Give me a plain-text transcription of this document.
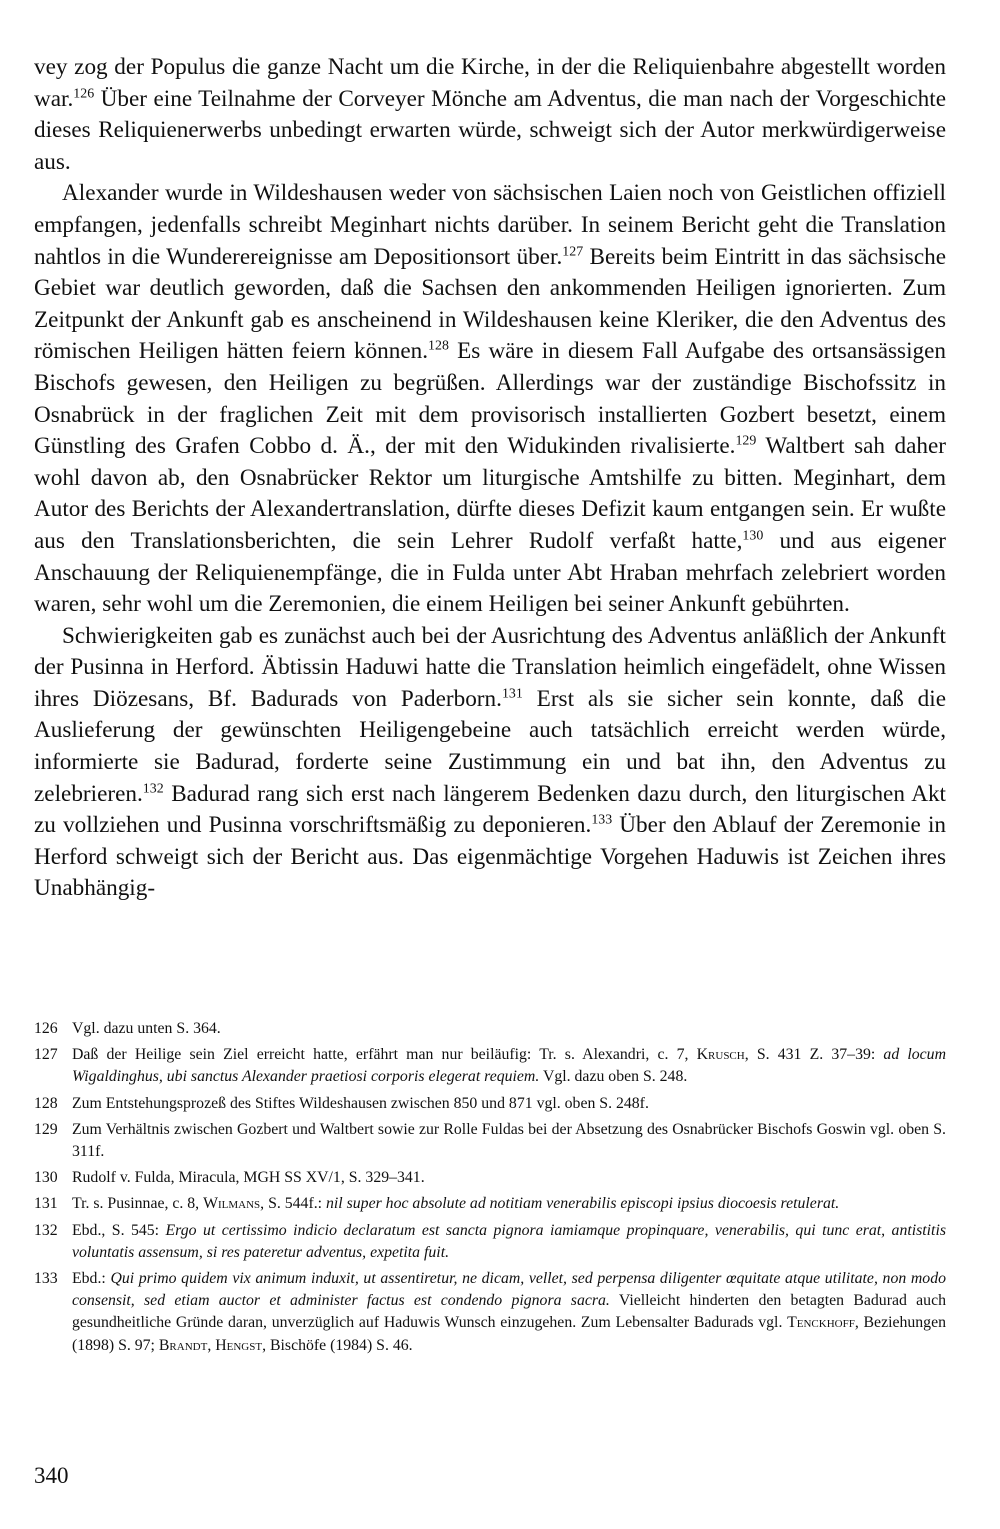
vey zog der Populus die ganze Nacht um die Kirche, in der die Reliquienbahre abgestellt worden war.$^{126}$ Über eine Teilnahme der Corveyer Mönche am Adventus, die man nach der Vorgeschichte dieses Reliquienerwerbs unbedingt erwarten würde, schweigt sich der Autor merkwürdigerweise aus.

Alexander wurde in Wildeshausen weder von sächsischen Laien noch von Geistlichen offiziell empfangen, jedenfalls schreibt Meginhart nichts darüber. In seinem Bericht geht die Translation nahtlos in die Wunderereignisse am Depositionsort über.$^{127}$ Bereits beim Eintritt in das sächsische Gebiet war deutlich geworden, daß die Sachsen den ankommenden Heiligen ignorierten. Zum Zeitpunkt der Ankunft gab es anscheinend in Wildeshausen keine Kleriker, die den Adventus des römischen Heiligen hätten feiern können.$^{128}$ Es wäre in diesem Fall Aufgabe des ortsansässigen Bischofs gewesen, den Heiligen zu begrüßen. Allerdings war der zuständige Bischofssitz in Osnabrück in der fraglichen Zeit mit dem provisorisch installierten Gozbert besetzt, einem Günstling des Grafen Cobbo d. Ä., der mit den Widukinden rivalisierte.$^{129}$ Waltbert sah daher wohl davon ab, den Osnabrücker Rektor um liturgische Amtshilfe zu bitten. Meginhart, dem Autor des Berichts der Alexandertranslation, dürfte dieses Defizit kaum entgangen sein. Er wußte aus den Translationsberichten, die sein Lehrer Rudolf verfaßt hatte,$^{130}$ und aus eigener Anschauung der Reliquienempfänge, die in Fulda unter Abt Hraban mehrfach zelebriert worden waren, sehr wohl um die Zeremonien, die einem Heiligen bei seiner Ankunft gebührten.

Schwierigkeiten gab es zunächst auch bei der Ausrichtung des Adventus anläßlich der Ankunft der Pusinna in Herford. Äbtissin Haduwi hatte die Translation heimlich eingefädelt, ohne Wissen ihres Diözesans, Bf. Badurads von Paderborn.$^{131}$ Erst als sie sicher sein konnte, daß die Auslieferung der gewünschten Heiligengebeine auch tatsächlich erreicht werden würde, informierte sie Badurad, forderte seine Zustimmung ein und bat ihn, den Adventus zu zelebrieren.$^{132}$ Badurad rang sich erst nach längerem Bedenken dazu durch, den liturgischen Akt zu vollziehen und Pusinna vorschriftsmäßig zu deponieren.$^{133}$ Über den Ablauf der Zeremonie in Herford schweigt sich der Bericht aus. Das eigenmächtige Vorgehen Haduwis ist Zeichen ihres Unabhängig-

126 Vgl. dazu unten S. 364.
127 Daß der Heilige sein Ziel erreicht hatte, erfährt man nur beiläufig: Tr. s. Alexandri, c. 7, Krusch, S. 431 Z. 37–39: ad locum Wigaldinghus, ubi sanctus Alexander praetiosi corporis elegerat requiem. Vgl. dazu oben S. 248.
128 Zum Entstehungsprozeß des Stiftes Wildeshausen zwischen 850 und 871 vgl. oben S. 248f.
129 Zum Verhältnis zwischen Gozbert und Waltbert sowie zur Rolle Fuldas bei der Absetzung des Osnabrücker Bischofs Goswin vgl. oben S. 311f.
130 Rudolf v. Fulda, Miracula, MGH SS XV/1, S. 329–341.
131 Tr. s. Pusinnae, c. 8, Wilmans, S. 544f.: nil super hoc absolute ad notitiam venerabilis episcopi ipsius diocoesis retulerat.
132 Ebd., S. 545: Ergo ut certissimo indicio declaratum est sancta pignora iamiamque propinquare, venerabilis, qui tunc erat, antistitis voluntatis assensum, si res pateretur adventus, expetita fuit.
133 Ebd.: Qui primo quidem vix animum induxit, ut assentiretur, ne dicam, vellet, sed perpensa diligenter œquitate atque utilitate, non modo consensit, sed etiam auctor et administer factus est condendo pignora sacra. Vielleicht hinderten den betagten Badurad auch gesundheitliche Gründe daran, unverzüglich auf Haduwis Wunsch einzugehen. Zum Lebensalter Badurads vgl. Tenckhoff, Beziehungen (1898) S. 97; Brandt, Hengst, Bischöfe (1984) S. 46.
340
